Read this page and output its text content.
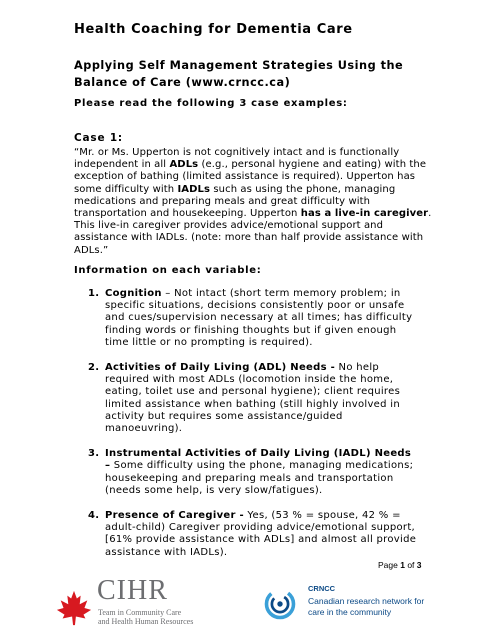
Health Coaching for Dementia Care
Applying Self Management Strategies Using the
Balance of Care (www.crncc.ca)
Please read the following 3 case examples:
Case 1:
“Mr. or Ms. Upperton is not cognitively intact and is functionally independent in all ADLs (e.g., personal hygiene and eating) with the exception of bathing (limited assistance is required). Upperton has some difficulty with IADLs such as using the phone, managing medications and preparing meals and great difficulty with transportation and housekeeping. Upperton has a live-in caregiver. This live-in caregiver provides advice/emotional support and assistance with IADLs. (note: more than half provide assistance with ADLs.”
Information on each variable:
1. Cognition – Not intact (short term memory problem; in specific situations, decisions consistently poor or unsafe and cues/supervision necessary at all times; has difficulty finding words or finishing thoughts but if given enough time little or no prompting is required).
2. Activities of Daily Living (ADL) Needs - No help required with most ADLs (locomotion inside the home, eating, toilet use and personal hygiene); client requires limited assistance when bathing (still highly involved in activity but requires some assistance/guided manoeuvring).
3. Instrumental Activities of Daily Living (IADL) Needs – Some difficulty using the phone, managing medications; housekeeping and preparing meals and transportation (needs some help, is very slow/fatigues).
4. Presence of Caregiver - Yes, (53 % = spouse, 42 % = adult-child) Caregiver providing advice/emotional support, [61% provide assistance with ADLs] and almost all provide assistance with IADLs).
Page 1 of 3
CIHR
Team in Community Care
and Health Human Resources
CRNCC
Canadian research network for
care in the community
